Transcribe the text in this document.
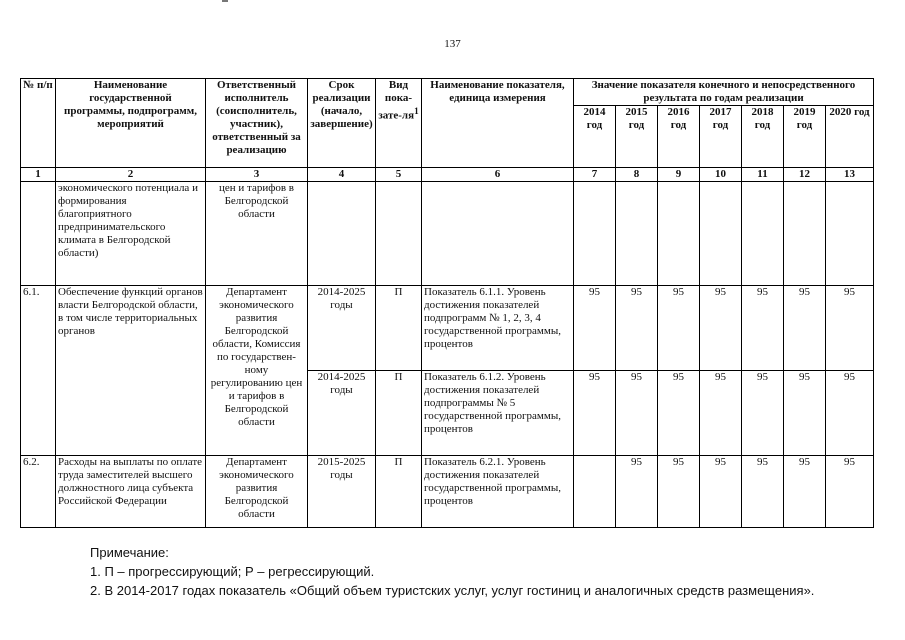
137
№ п/п	Наименование государственной программы, подпрограмм, мероприятий	Ответственный исполнитель (соисполнитель, участник), ответственный за реализацию	Срок реализации (начало, завершение)	Вид пока-$зате-ля^1$	Наименование показателя, единица измерения	Значение показателя конечного и непосредственного результата по годам реализации						
						2014 год	2015 год	2016 год	2017 год	2018 год	2019 год	2020 год
1	2	3	4	5	6	7	8	9	10	11	12	13
	экономического потенциала и формирования благоприятного предпринимательского климата в Белгородской области)	цен и тарифов в Белгородской области										
6.1.	Обеспечение функций органов власти Белгородской области, в том числе территориальных органов	Департамент экономического развития Белгородской области, Комиссия по государствен-ному регулированию цен и тарифов в Белгородской области	2014-2025 годы	П	Показатель 6.1.1. Уровень достижения показателей подпрограмм № 1, 2, 3, 4 государственной программы, процентов	95	95	95	95	95	95	95
			2014-2025 годы	П	Показатель 6.1.2. Уровень достижения показателей подпрограммы № 5 государственной программы, процентов	95	95	95	95	95	95	95
6.2.	Расходы на выплаты по оплате труда заместителей высшего должностного лица субъекта Российской Федерации	Департамент экономического развития Белгородской области	2015-2025 годы	П	Показатель 6.2.1. Уровень достижения показателей государственной программы, процентов		95	95	95	95	95	95
Примечание:
1. П – прогрессирующий; Р – регрессирующий.
2. В 2014-2017 годах показатель «Общий объем туристских услуг, услуг гостиниц и аналогичных средств размещения».
